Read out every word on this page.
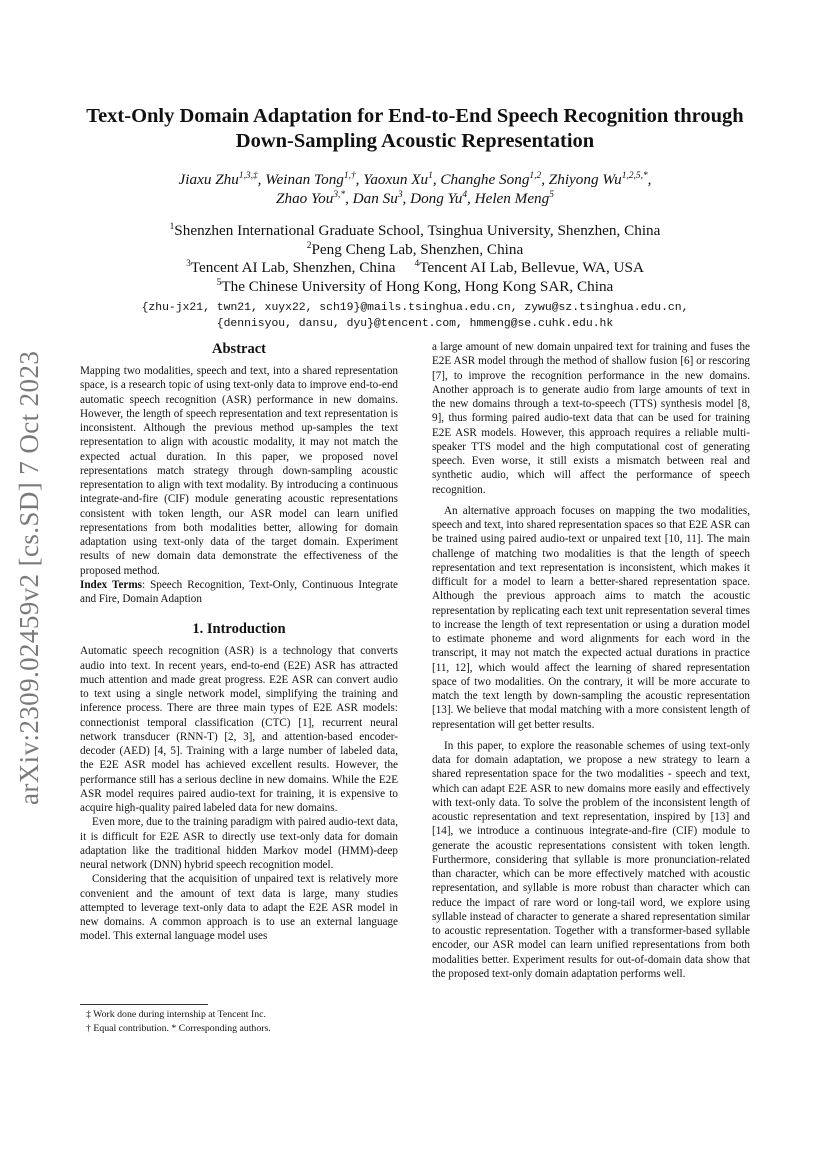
arXiv:2309.02459v2 [cs.SD] 7 Oct 2023
Text-Only Domain Adaptation for End-to-End Speech Recognition through Down-Sampling Acoustic Representation
Jiaxu Zhu$^{1,3,\ddagger}$, Weinan Tong$^{1,\dagger}$, Yaoxun Xu$^1$, Changhe Song$^{1,2}$, Zhiyong $Wu^{1,2,5,*}$,
Zhao You$^{3,*}$, Dan Su$^3$, Dong Yu$^4$, Helen Meng$^5$
$^1$Shenzhen International Graduate School, Tsinghua University, Shenzhen, China
$^2$Peng Cheng Lab, Shenzhen, China
$^3$Tencent AI Lab, Shenzhen, China $^4$Tencent AI Lab, Bellevue, WA, USA
$^5$The Chinese University of Hong Kong, Hong Kong SAR, China
{zhu-jx21, twn21, xuyx22, sch19}@mails.tsinghua.edu.cn, zywu@sz.tsinghua.edu.cn,
{dennisyou, dansu, dyu}@tencent.com, hmmeng@se.cuhk.edu.hk
Abstract

Mapping two modalities, speech and text, into a shared representation space, is a research topic of using text-only data to improve end-to-end automatic speech recognition (ASR) performance in new domains. However, the length of speech representation and text representation is inconsistent. Although the previous method up-samples the text representation to align with acoustic modality, it may not match the expected actual duration. In this paper, we proposed novel representations match strategy through down-sampling acoustic representation to align with text modality. By introducing a continuous integrate-and-fire (CIF) module generating acoustic representations consistent with token length, our ASR model can learn unified representations from both modalities better, allowing for domain adaptation using text-only data of the target domain. Experiment results of new domain data demonstrate the effectiveness of the proposed method.

Index Terms: Speech Recognition, Text-Only, Continuous Integrate and Fire, Domain Adaption

1. Introduction

Automatic speech recognition (ASR) is a technology that converts audio into text. In recent years, end-to-end (E2E) ASR has attracted much attention and made great progress. E2E ASR can convert audio to text using a single network model, simplifying the training and inference process. There are three main types of E2E ASR models: connectionist temporal classification (CTC) [1], recurrent neural network transducer (RNN-T) [2, 3], and attention-based encoder-decoder (AED) [4, 5]. Training with a large number of labeled data, the E2E ASR model has achieved excellent results. However, the performance still has a serious decline in new domains. While the E2E ASR model requires paired audio-text for training, it is expensive to acquire high-quality paired labeled data for new domains.

Even more, due to the training paradigm with paired audio-text data, it is difficult for E2E ASR to directly use text-only data for domain adaptation like the traditional hidden Markov model (HMM)-deep neural network (DNN) hybrid speech recognition model.

Considering that the acquisition of unpaired text is relatively more convenient and the amount of text data is large, many studies attempted to leverage text-only data to adapt the E2E ASR model in new domains. A common approach is to use an external language model. This external language model uses

‡ Work done during internship at Tencent Inc.
† Equal contribution. * Corresponding authors.

a large amount of new domain unpaired text for training and fuses the E2E ASR model through the method of shallow fusion [6] or rescoring [7], to improve the recognition performance in the new domains. Another approach is to generate audio from large amounts of text in the new domains through a text-to-speech (TTS) synthesis model [8, 9], thus forming paired audio-text data that can be used for training E2E ASR models. However, this approach requires a reliable multi-speaker TTS model and the high computational cost of generating speech. Even worse, it still exists a mismatch between real and synthetic audio, which will affect the performance of speech recognition.

An alternative approach focuses on mapping the two modalities, speech and text, into shared representation spaces so that E2E ASR can be trained using paired audio-text or unpaired text [10, 11]. The main challenge of matching two modalities is that the length of speech representation and text representation is inconsistent, which makes it difficult for a model to learn a better-shared representation space. Although the previous approach aims to match the acoustic representation by replicating each text unit representation several times to increase the length of text representation or using a duration model to estimate phoneme and word alignments for each word in the transcript, it may not match the expected actual durations in practice [11, 12], which would affect the learning of shared representation space of two modalities. On the contrary, it will be more accurate to match the text length by down-sampling the acoustic representation [13]. We believe that modal matching with a more consistent length of representation will get better results.

In this paper, to explore the reasonable schemes of using text-only data for domain adaptation, we propose a new strategy to learn a shared representation space for the two modalities - speech and text, which can adapt E2E ASR to new domains more easily and effectively with text-only data. To solve the problem of the inconsistent length of acoustic representation and text representation, inspired by [13] and [14], we introduce a continuous integrate-and-fire (CIF) module to generate the acoustic representations consistent with token length. Furthermore, considering that syllable is more pronunciation-related than character, which can be more effectively matched with acoustic representation, and syllable is more robust than character which can reduce the impact of rare word or long-tail word, we explore using syllable instead of character to generate a shared representation similar to acoustic representation. Together with a transformer-based syllable encoder, our ASR model can learn unified representations from both modalities better. Experiment results for out-of-domain data show that the proposed text-only domain adaptation performs well.
